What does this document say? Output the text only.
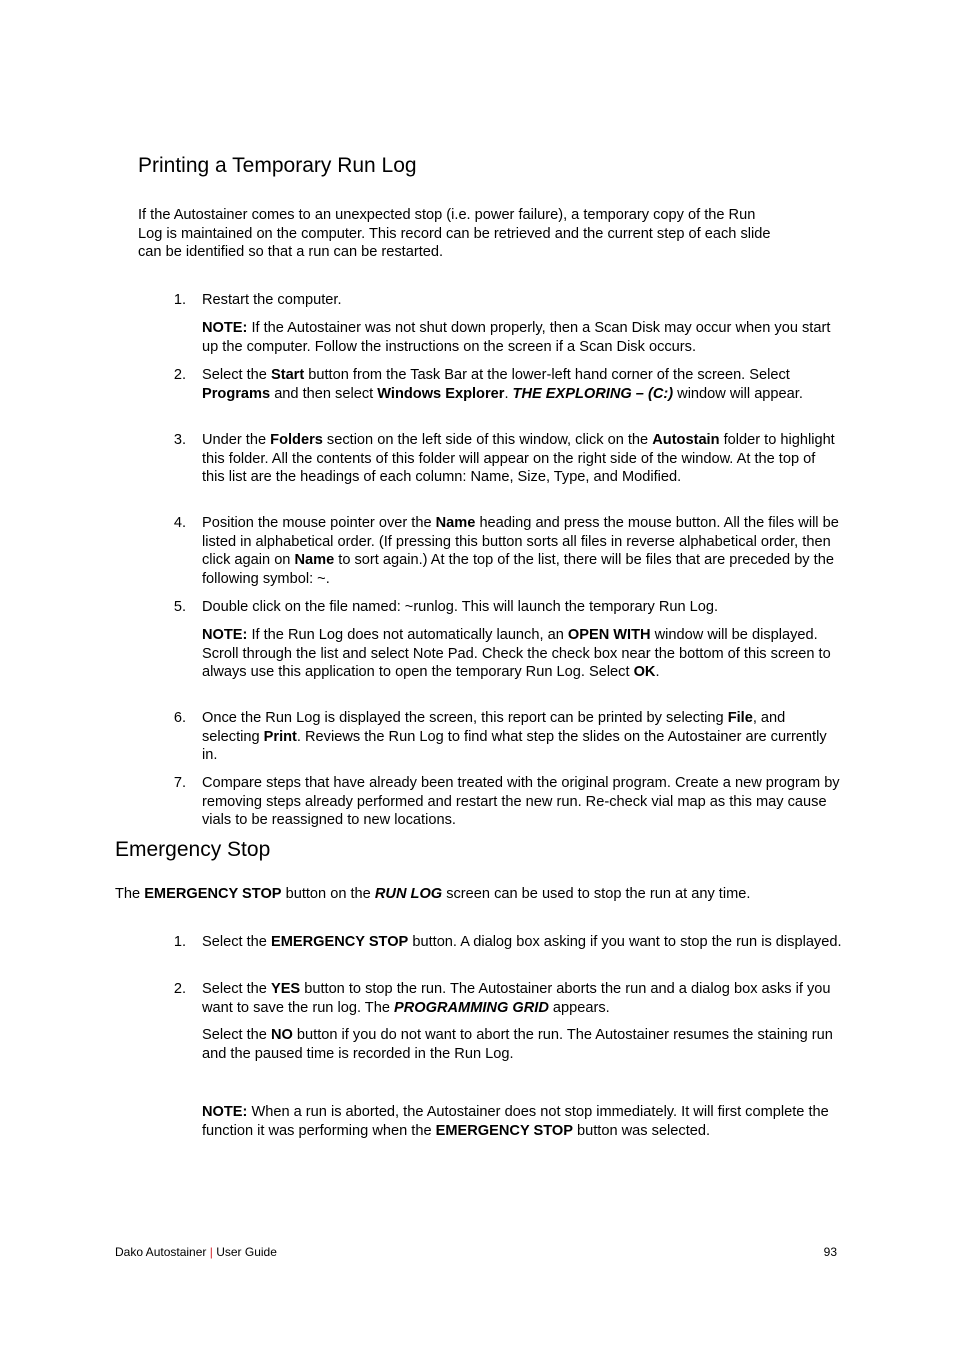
Printing a Temporary Run Log

If the Autostainer comes to an unexpected stop (i.e. power failure), a temporary copy of the Run
Log is maintained on the computer. This record can be retrieved and the current step of each slide
can be identified so that a run can be restarted.

1. Restart the computer.

NOTE: If the Autostainer was not shut down properly, then a Scan Disk may occur when you start up the computer. Follow the instructions on the screen if a Scan Disk occurs.

2. Select the Start button from the Task Bar at the lower-left hand corner of the screen. Select Programs and then select Windows Explorer. THE EXPLORING – (C:) window will appear.

3. Under the Folders section on the left side of this window, click on the Autostain folder to highlight this folder. All the contents of this folder will appear on the right side of the window. At the top of this list are the headings of each column: Name, Size, Type, and Modified.

4. Position the mouse pointer over the Name heading and press the mouse button. All the files will be listed in alphabetical order. (If pressing this button sorts all files in reverse alphabetical order, then click again on Name to sort again.) At the top of the list, there will be files that are preceded by the following symbol: ~.

5. Double click on the file named: ~runlog. This will launch the temporary Run Log.

NOTE: If the Run Log does not automatically launch, an OPEN WITH window will be displayed. Scroll through the list and select Note Pad. Check the check box near the bottom of this screen to always use this application to open the temporary Run Log. Select OK.

6. Once the Run Log is displayed the screen, this report can be printed by selecting File, and selecting Print. Reviews the Run Log to find what step the slides on the Autostainer are currently in.

7. Compare steps that have already been treated with the original program. Create a new program by removing steps already performed and restart the new run. Re-check vial map as this may cause vials to be reassigned to new locations.

Emergency Stop

The EMERGENCY STOP button on the RUN LOG screen can be used to stop the run at any time.

1. Select the EMERGENCY STOP button. A dialog box asking if you want to stop the run is displayed.

2. Select the YES button to stop the run. The Autostainer aborts the run and a dialog box asks if you want to save the run log. The PROGRAMMING GRID appears.

Select the NO button if you do not want to abort the run. The Autostainer resumes the staining run and the paused time is recorded in the Run Log.

NOTE: When a run is aborted, the Autostainer does not stop immediately. It will first complete the function it was performing when the EMERGENCY STOP button was selected.

Dako Autostainer | User Guide	93
